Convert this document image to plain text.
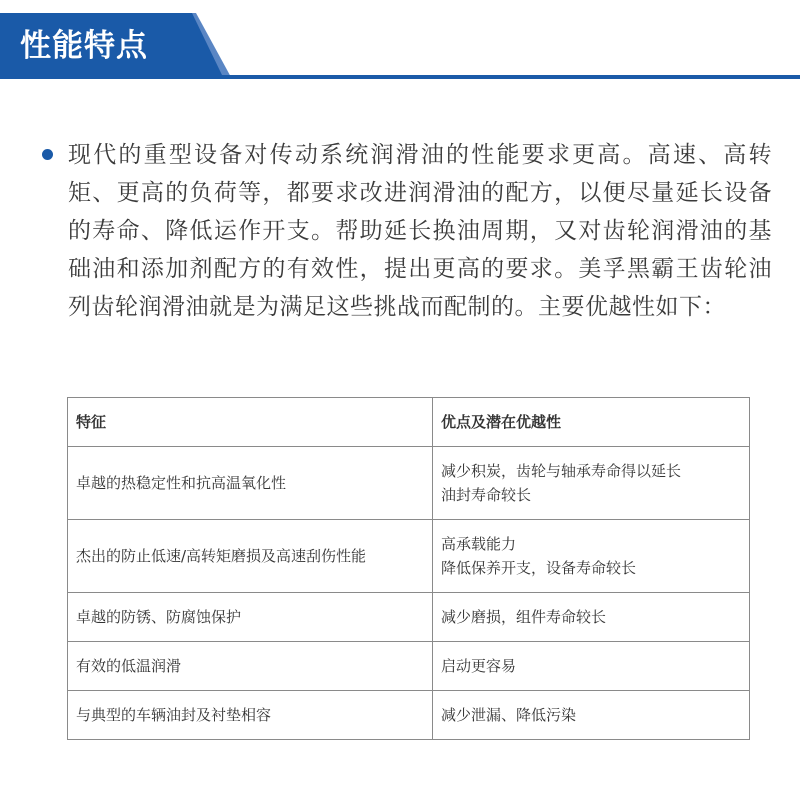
性能特点
现代的重型设备对传动系统润滑油的性能要求更高。高速、高转矩、更高的负荷等，都要求改进润滑油的配方，以便尽量延长设备的寿命、降低运作开支。帮助延长换油周期，又对齿轮润滑油的基础油和添加剂配方的有效性，提出更高的要求。美孚黑霸王齿轮油 列齿轮润滑油就是为满足这些挑战而配制的。主要优越性如下：
特征	优点及潜在优越性
卓越的热稳定性和抗高温氧化性	减少积炭，齿轮与轴承寿命得以延长
油封寿命较长

杰出的防止低速/高转矩磨损及高速刮伤性能	高承载能力
降低保养开支，设备寿命较长

卓越的防锈、防腐蚀保护	减少磨损，组件寿命较长

有效的低温润滑	启动更容易

与典型的车辆油封及衬垫相容	减少泄漏、降低污染
